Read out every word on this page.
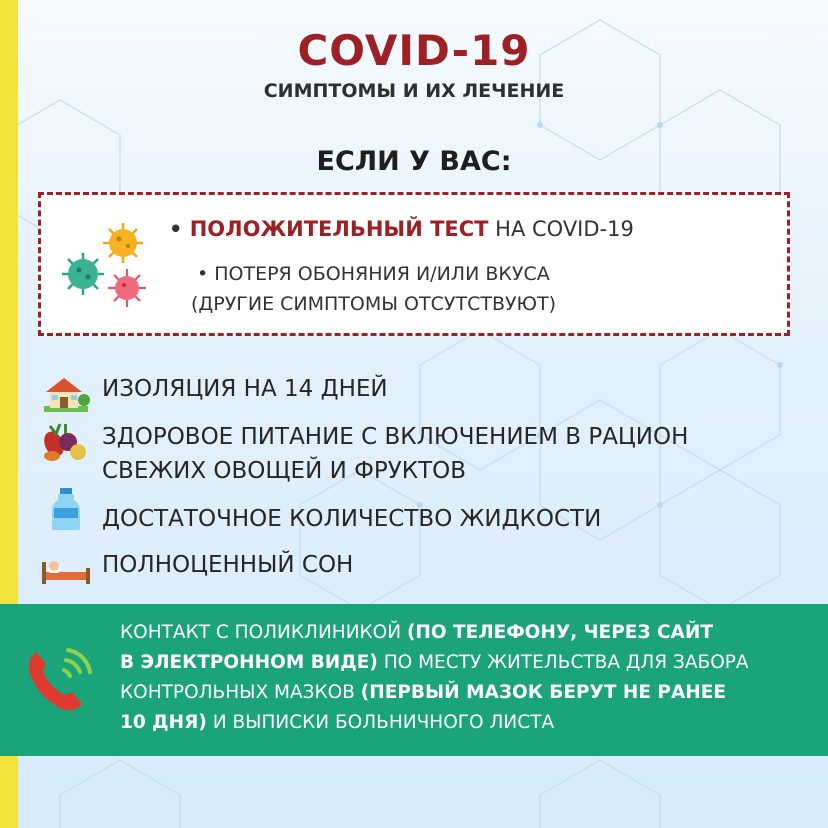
COVID-19
СИМПТОМЫ И ИХ ЛЕЧЕНИЕ
ЕСЛИ У ВАС:
• ПОЛОЖИТЕЛЬНЫЙ ТЕСТ НА COVID-19
• ПОТЕРЯ ОБОНЯНИЯ И/ИЛИ ВКУСА
(ДРУГИЕ СИМПТОМЫ ОТСУТСТВУЮТ)
ИЗОЛЯЦИЯ НА 14 ДНЕЙ
ЗДОРОВОЕ ПИТАНИЕ С ВКЛЮЧЕНИЕМ В РАЦИОН
СВЕЖИХ ОВОЩЕЙ И ФРУКТОВ
ДОСТАТОЧНОЕ КОЛИЧЕСТВО ЖИДКОСТИ
ПОЛНОЦЕННЫЙ СОН
КОНТАКТ С ПОЛИКЛИНИКОЙ (ПО ТЕЛЕФОНУ, ЧЕРЕЗ САЙТ
В ЭЛЕКТРОННОМ ВИДЕ) ПО МЕСТУ ЖИТЕЛЬСТВА ДЛЯ ЗАБОРА
КОНТРОЛЬНЫХ МАЗКОВ (ПЕРВЫЙ МАЗОК БЕРУТ НЕ РАНЕЕ
10 ДНЯ) И ВЫПИСКИ БОЛЬНИЧНОГО ЛИСТА
